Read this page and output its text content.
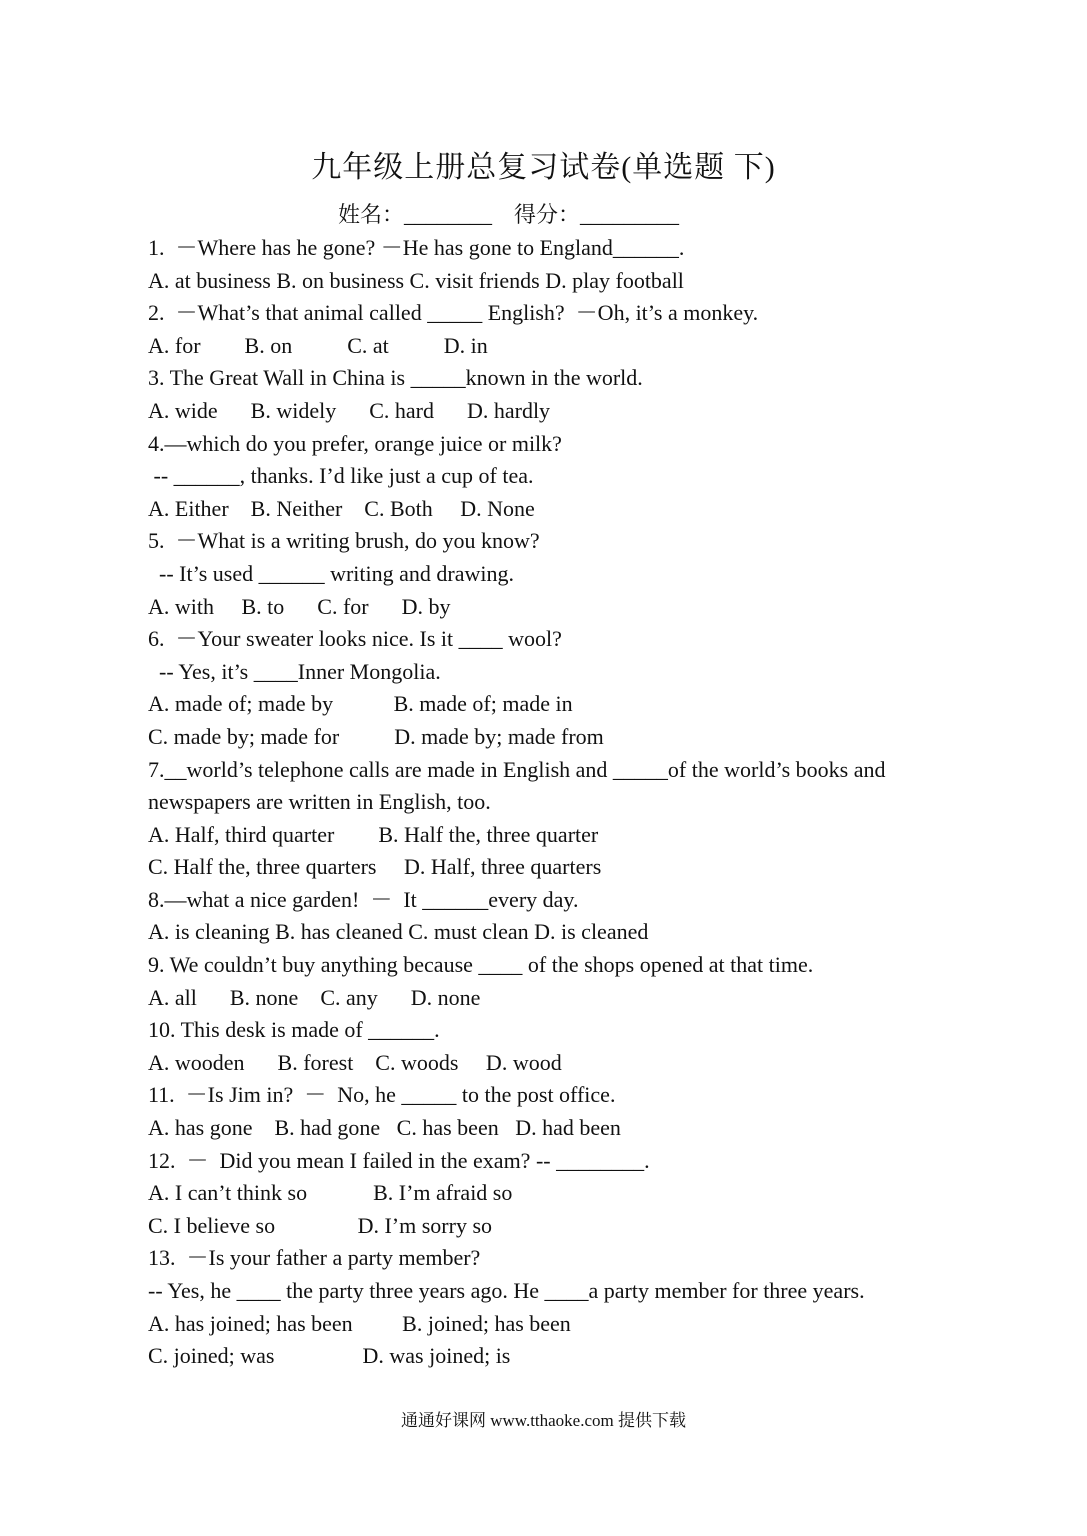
九年级上册总复习试卷(单选题 下)
姓名：________    得分：_________
1.  －Where has he gone? －He has gone to England______.
A. at business B. on business C. visit friends D. play football
2.  －What’s that animal called _____ English?  －Oh, it’s a monkey.
A. for        B. on          C. at          D. in
3. The Great Wall in China is _____known in the world.
A. wide      B. widely      C. hard      D. hardly
4.—which do you prefer, orange juice or milk?
-- ______, thanks. I’d like just a cup of tea.
A. Either    B. Neither    C. Both     D. None
5.  －What is a writing brush, do you know?
-- It’s used ______ writing and drawing.
A. with     B. to      C. for      D. by
6.  －Your sweater looks nice. Is it ____ wool?
-- Yes, it’s ____Inner Mongolia.
A. made of; made by           B. made of; made in
C. made by; made for          D. made by; made from
7.__world’s telephone calls are made in English and _____of the world’s books and newspapers are written in English, too.
A. Half, third quarter        B. Half the, three quarter
C. Half the, three quarters     D. Half, three quarters
8.—what a nice garden!  －  It ______every day.
A. is cleaning B. has cleaned C. must clean D. is cleaned
9. We couldn’t buy anything because ____ of the shops opened at that time.
A. all      B. none    C. any      D. none
10. This desk is made of ______.
A. wooden      B. forest    C. woods     D. wood
11.  －Is Jim in?  －  No, he _____ to the post office.
A. has gone    B. had gone   C. has been   D. had been
12.  －  Did you mean I failed in the exam? -- ________.
A. I can’t think so            B. I’m afraid so
C. I believe so               D. I’m sorry so
13.  －Is your father a party member?
-- Yes, he ____ the party three years ago. He ____a party member for three years.
A. has joined; has been         B. joined; has been
C. joined; was                D. was joined; is
通通好课网 www.tthaoke.com 提供下载
